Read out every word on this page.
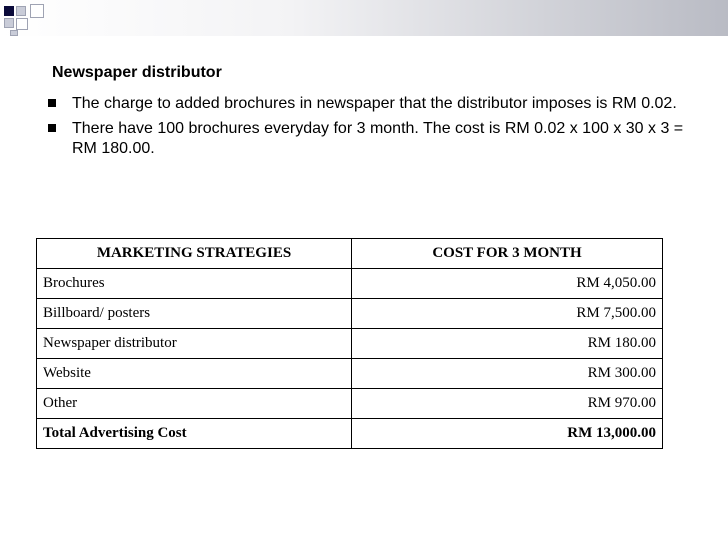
Newspaper distributor
The charge to added brochures in newspaper that the distributor imposes is RM 0.02.
There have 100 brochures everyday for 3 month. The cost is RM 0.02 x 100 x 30 x 3 = RM 180.00.
MARKETING STRATEGIES	COST FOR 3 MONTH
Brochures	RM 4,050.00
Billboard/ posters	RM 7,500.00
Newspaper distributor	RM 180.00
Website	RM 300.00
Other	RM 970.00
Total Advertising Cost	RM 13,000.00
